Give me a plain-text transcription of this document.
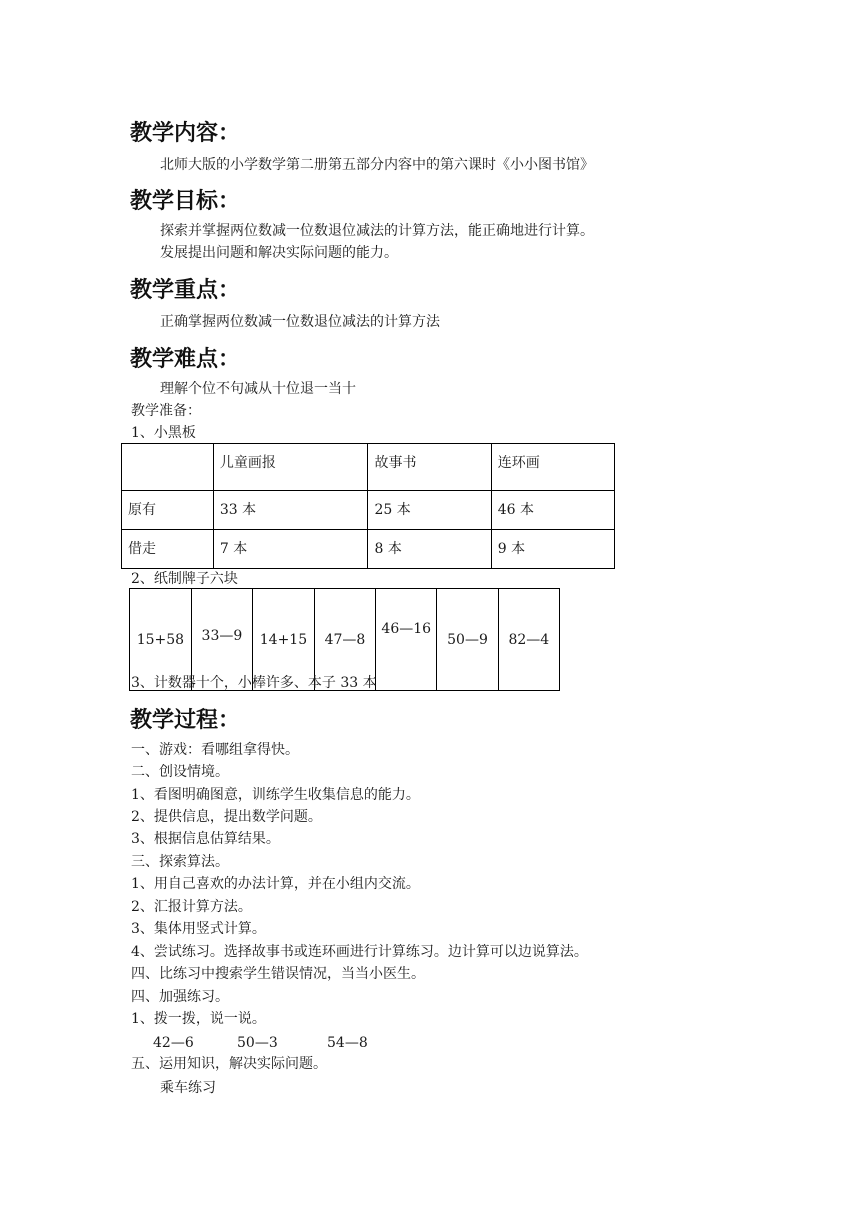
教学内容：
北师大版的小学数学第二册第五部分内容中的第六课时《小小图书馆》
教学目标：
探索并掌握两位数减一位数退位减法的计算方法，能正确地进行计算。
发展提出问题和解决实际问题的能力。
教学重点：
正确掌握两位数减一位数退位减法的计算方法
教学难点：
理解个位不句减从十位退一当十
教学准备：
1、小黑板
	儿童画报	故事书	连环画
原有	33 本	25 本	46 本
借走	7 本	8 本	9 本
2、纸制牌子六块
15+58	33—9	14+15	47—8	46—16	50—9	82—4
3、计数器十个，小棒许多、本子 33 本
教学过程：
一、游戏：看哪组拿得快。
二、创设情境。
1、看图明确图意，训练学生收集信息的能力。
2、提供信息，提出数学问题。
3、根据信息估算结果。
三、探索算法。
1、用自己喜欢的办法计算，并在小组内交流。
2、汇报计算方法。
3、集体用竖式计算。
4、尝试练习。选择故事书或连环画进行计算练习。边计算可以边说算法。
四、比练习中搜索学生错误情况，当当小医生。
四、加强练习。
1、拨一拨，说一说。
42—6	50—3	54—8
五、运用知识，解决实际问题。
乘车练习
